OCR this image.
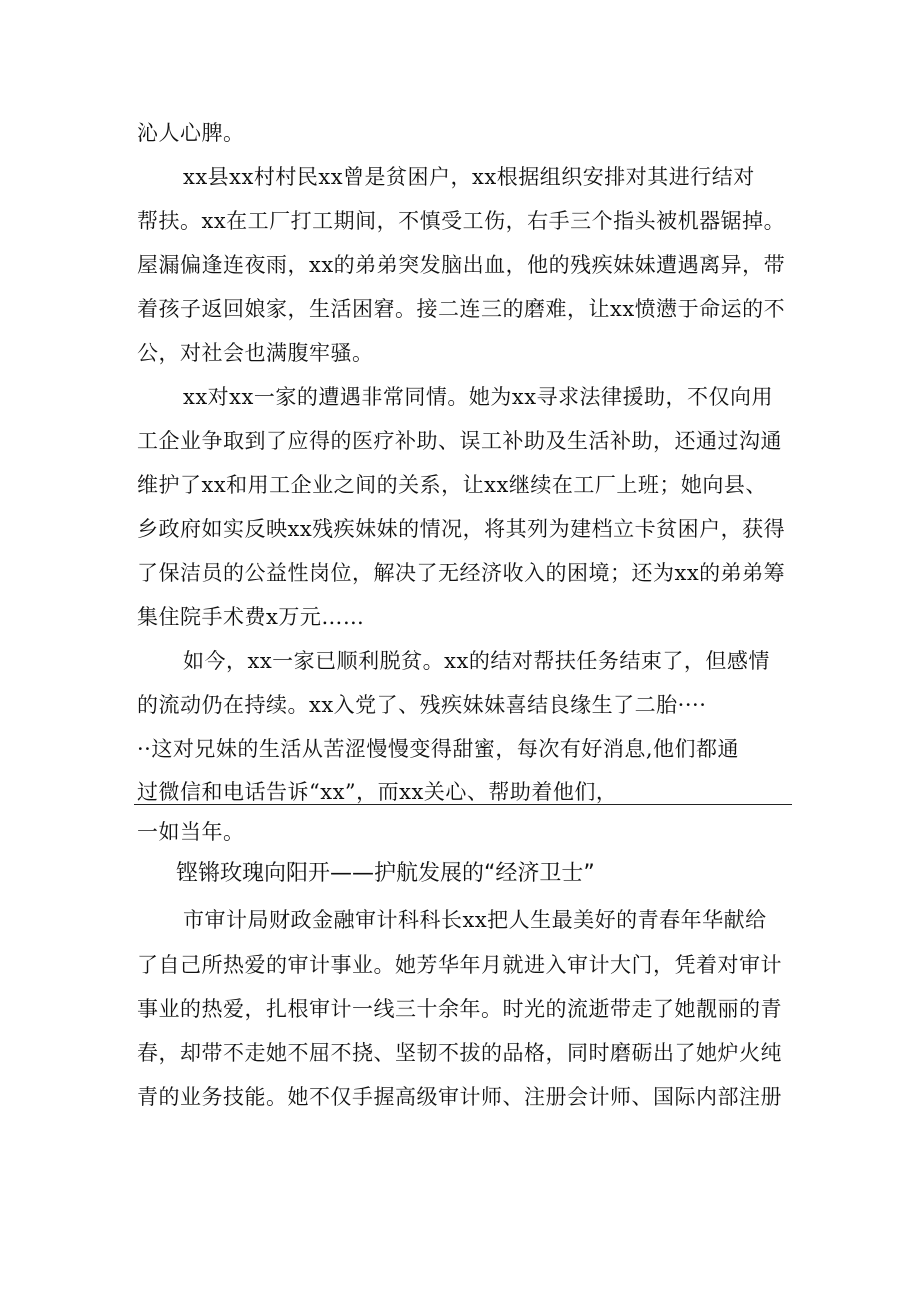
沁人心脾。
xx县xx村村民xx曾是贫困户，xx根据组织安排对其进行结对
帮扶。xx在工厂打工期间，不慎受工伤，右手三个指头被机器锯掉。
屋漏偏逢连夜雨，xx的弟弟突发脑出血，他的残疾妹妹遭遇离异，带
着孩子返回娘家，生活困窘。接二连三的磨难，让xx愤懑于命运的不
公，对社会也满腹牢骚。
xx对xx一家的遭遇非常同情。她为xx寻求法律援助，不仅向用
工企业争取到了应得的医疗补助、误工补助及生活补助，还通过沟通
维护了xx和用工企业之间的关系，让xx继续在工厂上班；她向县、
乡政府如实反映xx残疾妹妹的情况，将其列为建档立卡贫困户，获得
了保洁员的公益性岗位，解决了无经济收入的困境；还为xx的弟弟筹
集住院手术费x万元……
如今，xx一家已顺利脱贫。xx的结对帮扶任务结束了，但感情
的流动仍在持续。xx入党了、残疾妹妹喜结良缘生了二胎····
··这对兄妹的生活从苦涩慢慢变得甜蜜，每次有好消息,他们都通
过微信和电话告诉“xx”，而xx关心、帮助着他们，
一如当年。
铿锵玫瑰向阳开——护航发展的“经济卫士”
市审计局财政金融审计科科长xx把人生最美好的青春年华献给
了自己所热爱的审计事业。她芳华年月就进入审计大门，凭着对审计
事业的热爱，扎根审计一线三十余年。时光的流逝带走了她靓丽的青
春，却带不走她不屈不挠、坚韧不拔的品格，同时磨砺出了她炉火纯
青的业务技能。她不仅手握高级审计师、注册会计师、国际内部注册
